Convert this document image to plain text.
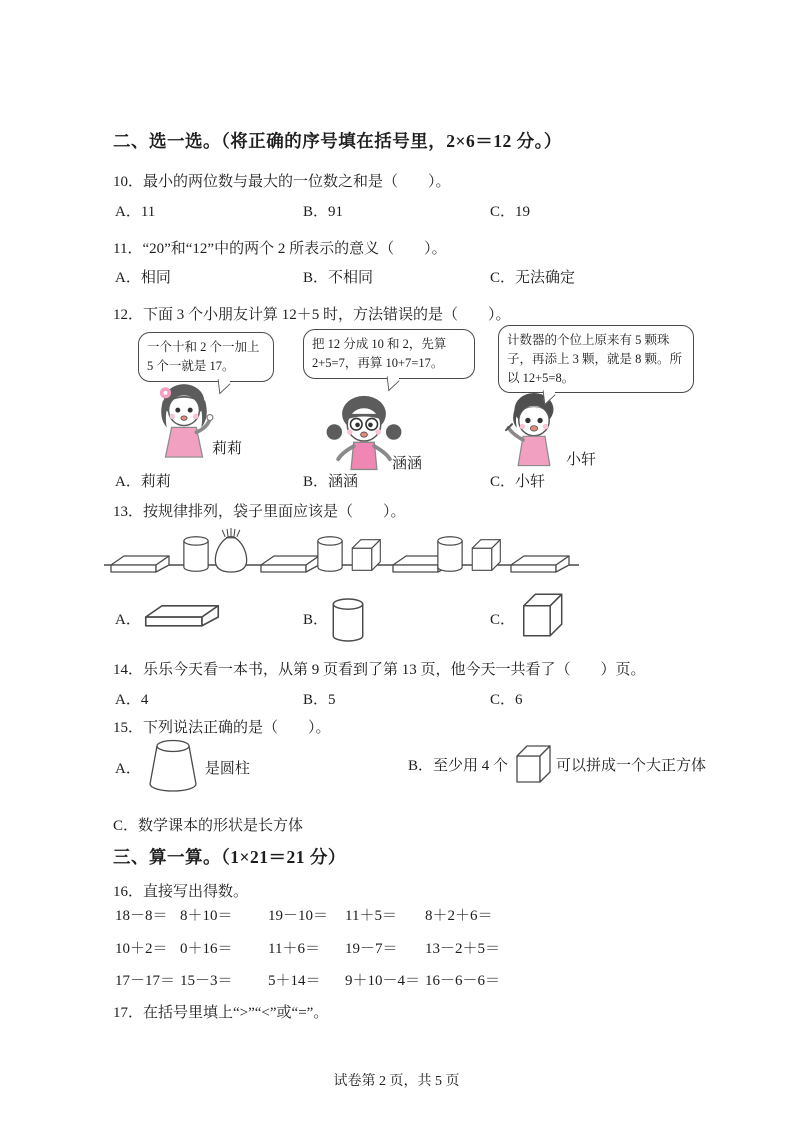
二、选一选。（将正确的序号填在括号里，2×6＝12 分。）
10．最小的两位数与最大的一位数之和是（　　）。
A．11	B．91	C．19
11．“20”和“12”中的两个 2 所表示的意义（　　）。
A．相同	B．不相同	C．无法确定
12．下面 3 个小朋友计算 12＋5 时，方法错误的是（　　）。
一个十和 2 个一加上 5 个一就是 17。
把 12 分成 10 和 2，先算 2+5=7，再算 10+7=17。
计数器的个位上原来有 5 颗珠子，再添上 3 颗，就是 8 颗。所以 12+5=8。
莉莉
涵涵	小轩
A．莉莉	B．涵涵	C．小轩
13．按规律排列，袋子里面应该是（　　）。
A．	B．	C．
14．乐乐今天看一本书，从第 9 页看到了第 13 页，他今天一共看了（　　）页。
A．4	B．5	C．6
15．下列说法正确的是（　　）。
A．	是圆柱	B．至少用 4 个	可以拼成一个大正方体
C．数学课本的形状是长方体
三、算一算。（1×21＝21 分）
16．直接写出得数。
18－8＝ 8＋10＝	19－10＝	11＋5＝	8＋2＋6＝
10＋2＝ 0＋16＝	11＋6＝	19－7＝	13－2＋5＝
17－17＝ 15－3＝	5＋14＝	9＋10－4＝ 16－6－6＝
17．在括号里填上“>”“<”或“=”。
试卷第 2 页，共 5 页
